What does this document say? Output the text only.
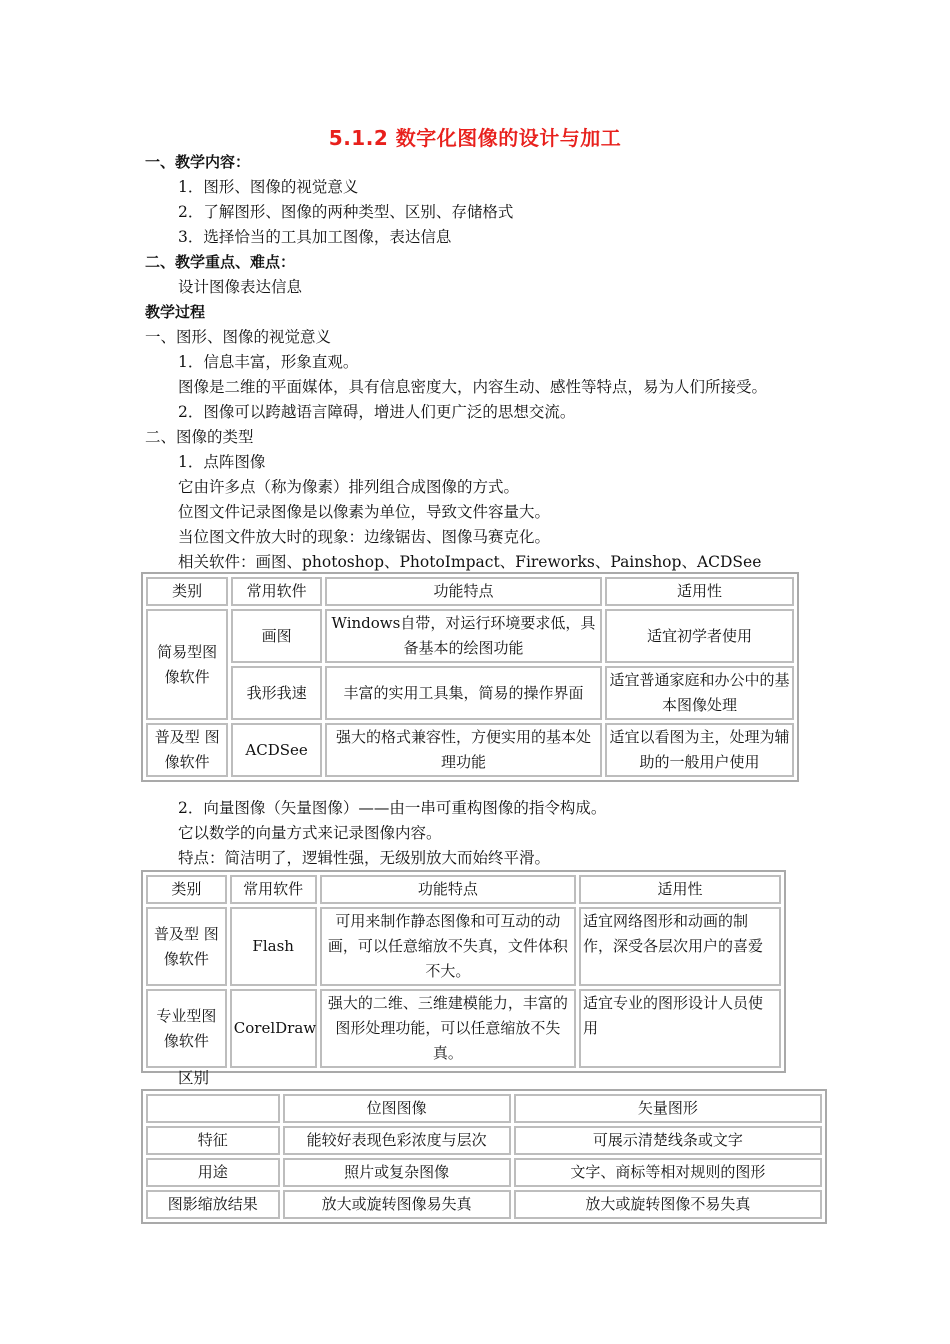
5.1.2 数字化图像的设计与加工
一、教学内容：
1．图形、图像的视觉意义
2．了解图形、图像的两种类型、区别、存储格式
3．选择恰当的工具加工图像，表达信息
二、教学重点、难点：
设计图像表达信息
教学过程
一、图形、图像的视觉意义
1．信息丰富，形象直观。
图像是二维的平面媒体，具有信息密度大，内容生动、感性等特点，易为人们所接受。
2．图像可以跨越语言障碍，增进人们更广泛的思想交流。
二、图像的类型
1．点阵图像
它由许多点（称为像素）排列组合成图像的方式。
位图文件记录图像是以像素为单位，导致文件容量大。
当位图文件放大时的现象：边缘锯齿、图像马赛克化。
相关软件：画图、photoshop、PhotoImpact、Fireworks、Painshop、ACDSee
类别	常用软件	功能特点	适用性
简易型图像软件	画图	Windows自带，对运行环境要求低，具备基本的绘图功能	适宜初学者使用
	我形我速	丰富的实用工具集，简易的操作界面	适宜普通家庭和办公中的基本图像处理
普及型 图像软件	ACDSee	强大的格式兼容性，方便实用的基本处理功能	适宜以看图为主，处理为辅助的一般用户使用
2．向量图像（矢量图像）——由一串可重构图像的指令构成。
它以数学的向量方式来记录图像内容。
特点：简洁明了，逻辑性强，无级别放大而始终平滑。
类别	常用软件	功能特点	适用性
普及型 图像软件	Flash	可用来制作静态图像和可互动的动画，可以任意缩放不失真，文件体积不大。	适宜网络图形和动画的制作，深受各层次用户的喜爱
专业型图像软件	CorelDraw	强大的二维、三维建模能力，丰富的图形处理功能，可以任意缩放不失真。	适宜专业的图形设计人员使用
区别
	位图图像	矢量图形
特征	能较好表现色彩浓度与层次	可展示清楚线条或文字
用途	照片或复杂图像	文字、商标等相对规则的图形
图影缩放结果	放大或旋转图像易失真	放大或旋转图像不易失真
